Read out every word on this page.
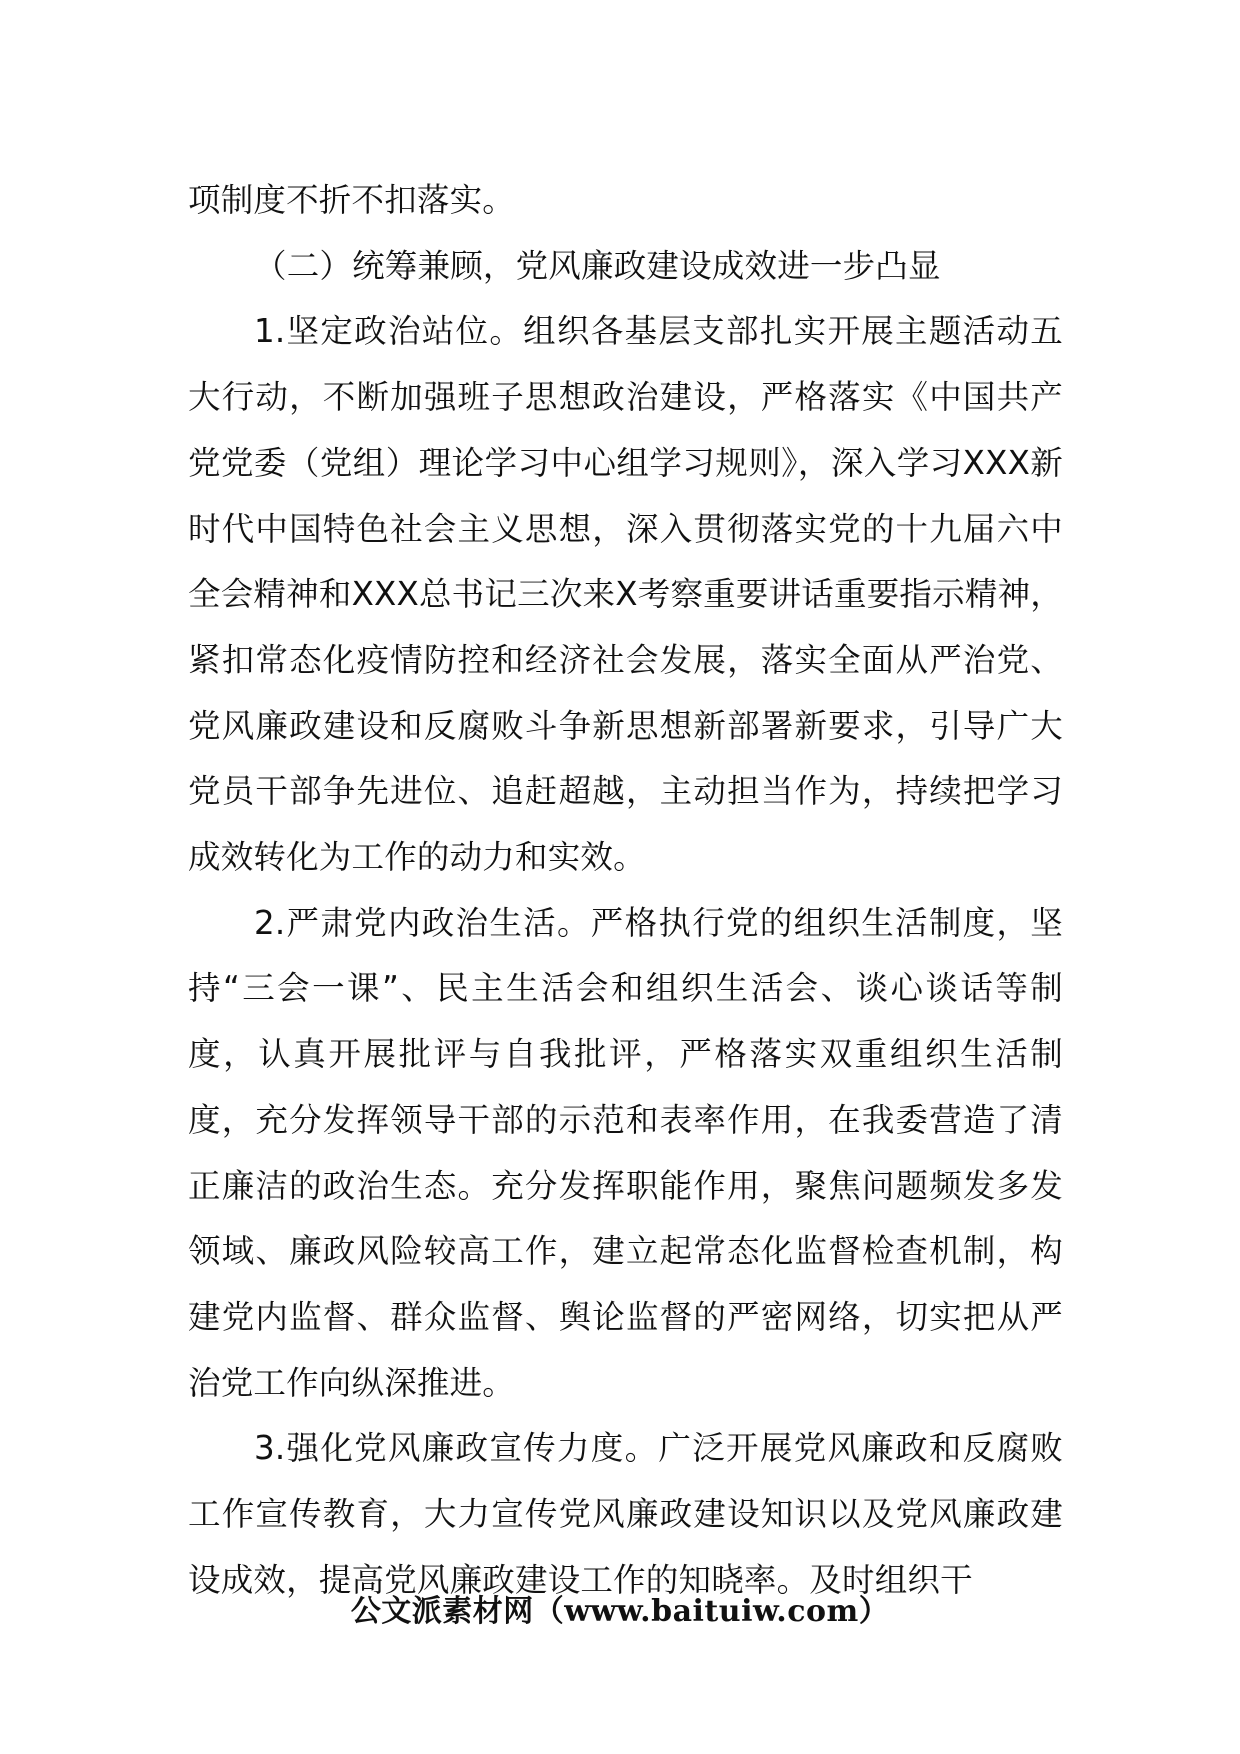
项制度不折不扣落实。

（二）统筹兼顾，党风廉政建设成效进一步凸显

1.坚定政治站位。组织各基层支部扎实开展主题活动五大行动，不断加强班子思想政治建设，严格落实《中国共产党党委（党组）理论学习中心组学习规则》，深入学习XXX新时代中国特色社会主义思想，深入贯彻落实党的十九届六中全会精神和XXX总书记三次来X考察重要讲话重要指示精神，紧扣常态化疫情防控和经济社会发展，落实全面从严治党、党风廉政建设和反腐败斗争新思想新部署新要求，引导广大党员干部争先进位、追赶超越，主动担当作为，持续把学习成效转化为工作的动力和实效。

2.严肃党内政治生活。严格执行党的组织生活制度，坚持“三会一课”、民主生活会和组织生活会、谈心谈话等制度，认真开展批评与自我批评，严格落实双重组织生活制度，充分发挥领导干部的示范和表率作用，在我委营造了清正廉洁的政治生态。充分发挥职能作用，聚焦问题频发多发领域、廉政风险较高工作，建立起常态化监督检查机制，构建党内监督、群众监督、舆论监督的严密网络，切实把从严治党工作向纵深推进。

3.强化党风廉政宣传力度。广泛开展党风廉政和反腐败工作宣传教育，大力宣传党风廉政建设知识以及党风廉政建设成效，提高党风廉政建设工作的知晓率。及时组织干

公文派素材网（www.baituiw.com）
